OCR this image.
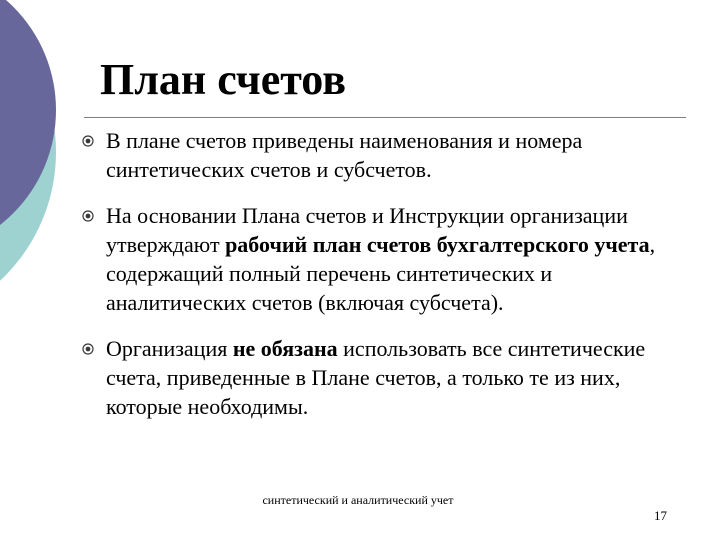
План счетов
В плане счетов приведены наименования и номера синтетических счетов и субсчетов.
На основании Плана счетов и Инструкции организации утверждают рабочий план счетов бухгалтерского учета, содержащий полный перечень синтетических и аналитических счетов (включая субсчета).
Организация не обязана использовать все синтетические счета, приведенные в Плане счетов, а только те из них, которые необходимы.
синтетический и аналитический учет
17
